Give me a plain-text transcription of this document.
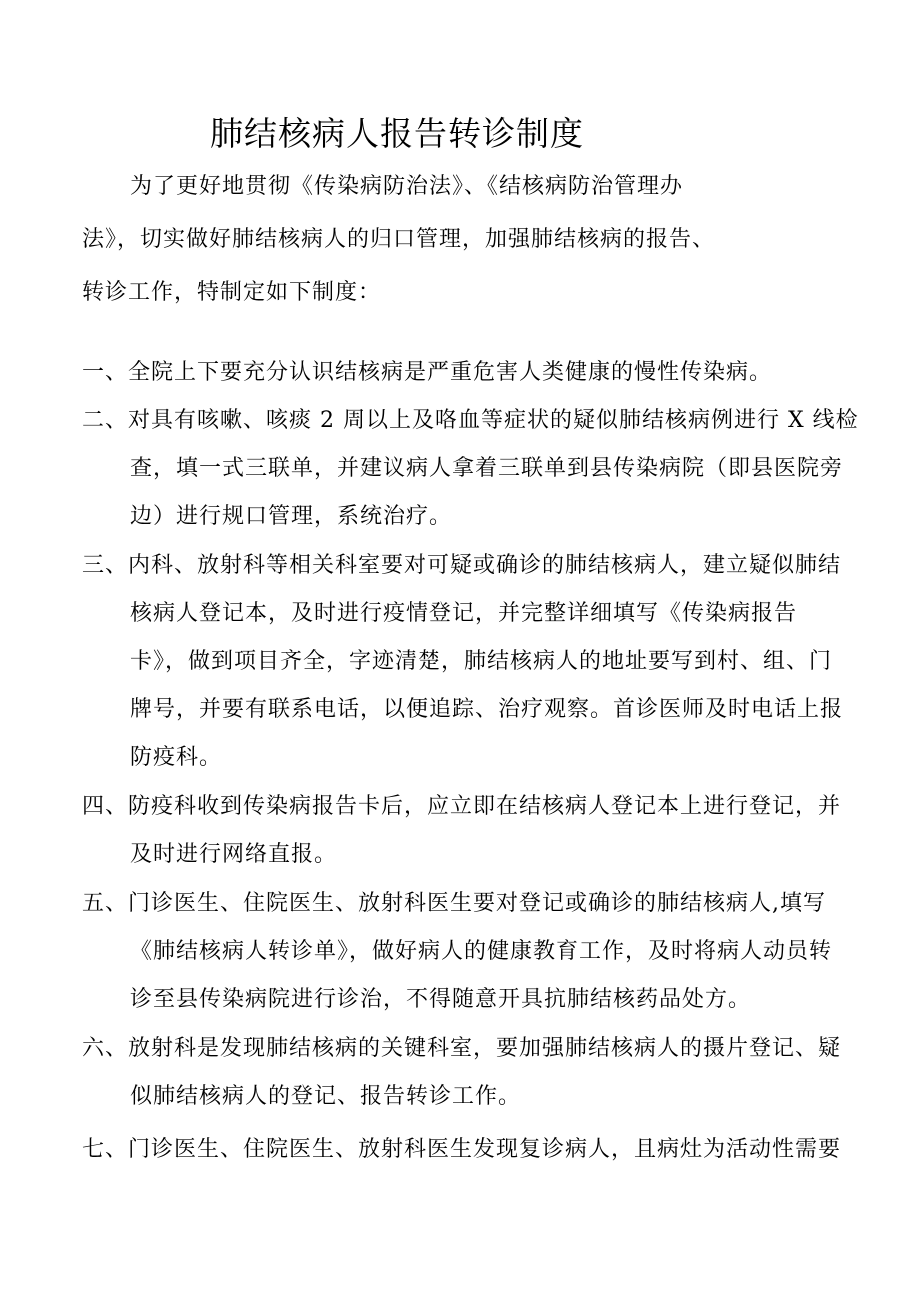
肺结核病人报告转诊制度
为了更好地贯彻《传染病防治法》、《结核病防治管理办
法》，切实做好肺结核病人的归口管理，加强肺结核病的报告、
转诊工作，特制定如下制度：
一、全院上下要充分认识结核病是严重危害人类健康的慢性传染病。
二、对具有咳嗽、咳痰 2 周以上及咯血等症状的疑似肺结核病例进行 X 线检
查，填一式三联单，并建议病人拿着三联单到县传染病院（即县医院旁
边）进行规口管理，系统治疗。
三、内科、放射科等相关科室要对可疑或确诊的肺结核病人，建立疑似肺结
核病人登记本，及时进行疫情登记，并完整详细填写《传染病报告
卡》，做到项目齐全，字迹清楚，肺结核病人的地址要写到村、组、门
牌号，并要有联系电话，以便追踪、治疗观察。首诊医师及时电话上报
防疫科。
四、防疫科收到传染病报告卡后，应立即在结核病人登记本上进行登记，并
及时进行网络直报。
五、门诊医生、住院医生、放射科医生要对登记或确诊的肺结核病人,填写
《肺结核病人转诊单》，做好病人的健康教育工作，及时将病人动员转
诊至县传染病院进行诊治，不得随意开具抗肺结核药品处方。
六、放射科是发现肺结核病的关键科室，要加强肺结核病人的摄片登记、疑
似肺结核病人的登记、报告转诊工作。
七、门诊医生、住院医生、放射科医生发现复诊病人，且病灶为活动性需要
